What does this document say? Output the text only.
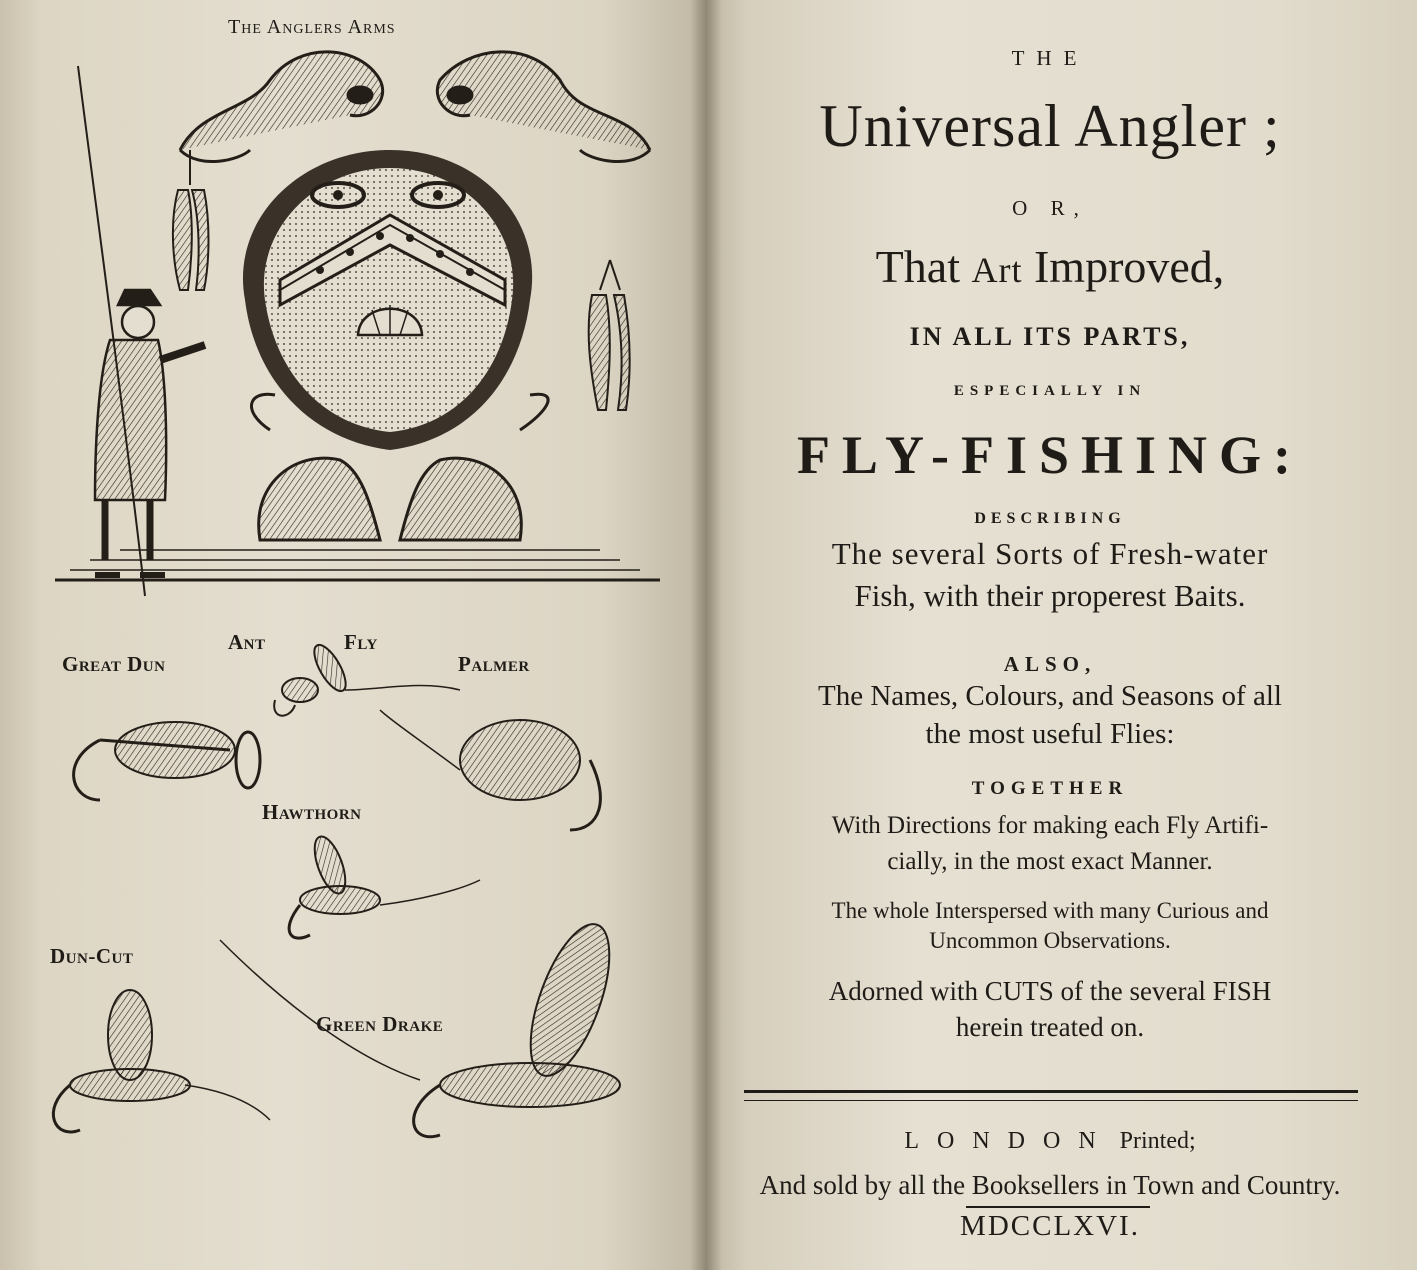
The Anglers Arms
Great Dun
Ant	Fly
Palmer
Hawthorn
Dun-Cut
Green Drake
THE
Universal Angler ;
O R,
That Art Improved,
IN ALL ITS PARTS,
ESPECIALLY IN
FLY-FISHING:
DESCRIBING
The several Sorts of Fresh-water
Fish, with their properest Baits.
ALSO,
The Names, Colours, and Seasons of all
the most useful Flies:
TOGETHER
With Directions for making each Fly Artifi-
cially, in the most exact Manner.
The whole Interspersed with many Curious and
Uncommon Observations.
Adorned with CUTS of the several FISH
herein treated on.
LONDON Printed;
And sold by all the Booksellers in Town and Country.
MDCCLXVI.
